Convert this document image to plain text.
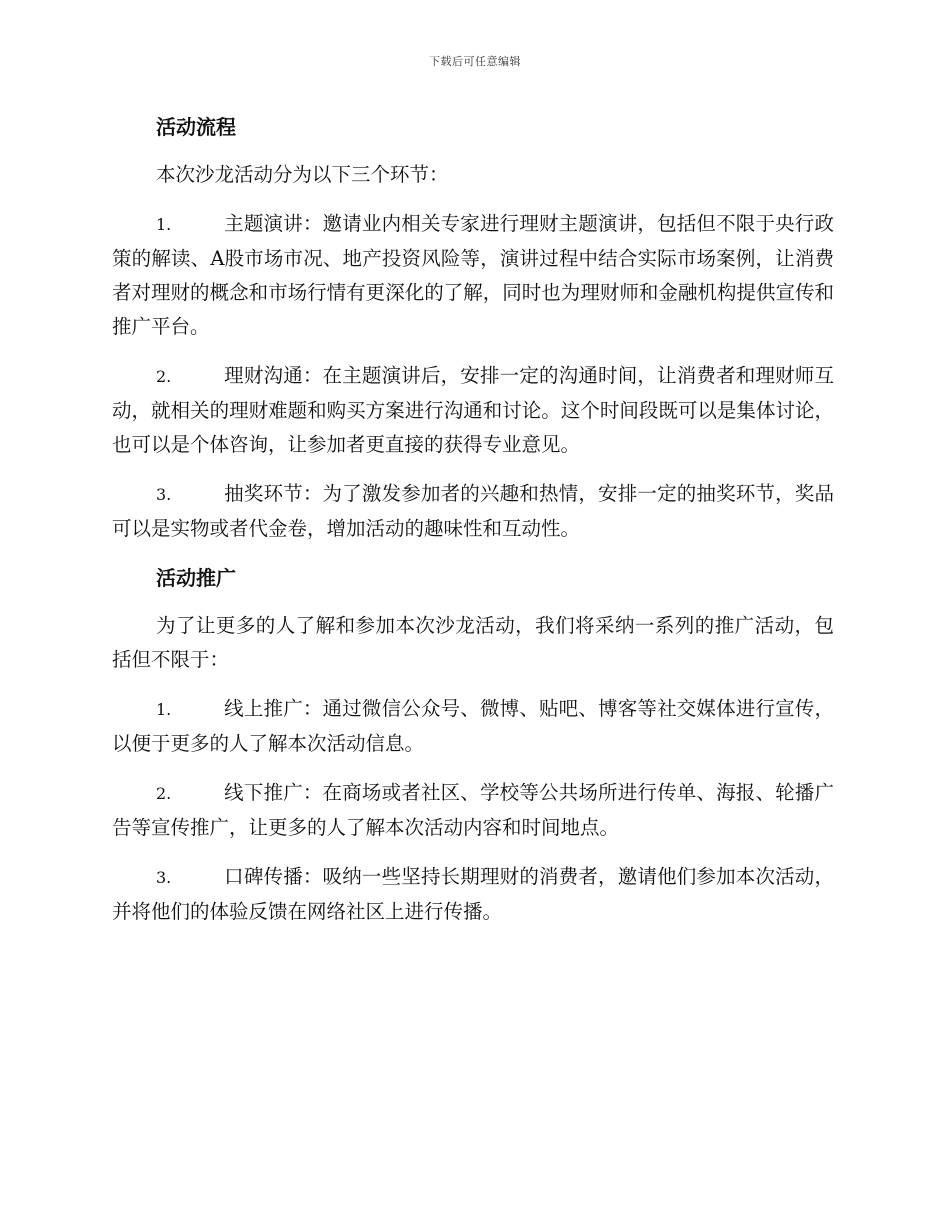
下载后可任意编辑
活动流程
本次沙龙活动分为以下三个环节：
1.	主题演讲：邀请业内相关专家进行理财主题演讲，包括但不限于央行政策的解读、A股市场市况、地产投资风险等，演讲过程中结合实际市场案例，让消费者对理财的概念和市场行情有更深化的了解，同时也为理财师和金融机构提供宣传和推广平台。
2.	理财沟通：在主题演讲后，安排一定的沟通时间，让消费者和理财师互动，就相关的理财难题和购买方案进行沟通和讨论。这个时间段既可以是集体讨论，也可以是个体咨询，让参加者更直接的获得专业意见。
3.	抽奖环节：为了激发参加者的兴趣和热情，安排一定的抽奖环节，奖品可以是实物或者代金卷，增加活动的趣味性和互动性。
活动推广
为了让更多的人了解和参加本次沙龙活动，我们将采纳一系列的推广活动，包括但不限于：
1.	线上推广：通过微信公众号、微博、贴吧、博客等社交媒体进行宣传，以便于更多的人了解本次活动信息。
2.	线下推广：在商场或者社区、学校等公共场所进行传单、海报、轮播广告等宣传推广，让更多的人了解本次活动内容和时间地点。
3.	口碑传播：吸纳一些坚持长期理财的消费者，邀请他们参加本次活动，并将他们的体验反馈在网络社区上进行传播。
